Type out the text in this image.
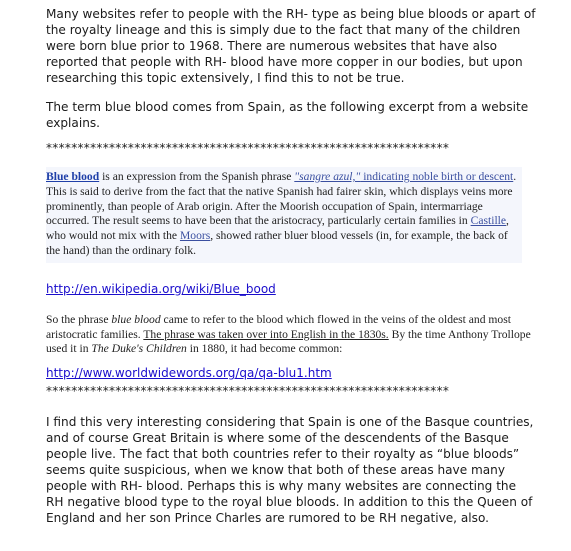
Many websites refer to people with the RH- type as being blue bloods or apart of the royalty lineage and this is simply due to the fact that many of the children were born blue prior to 1968. There are numerous websites that have also reported that people with RH- blood have more copper in our bodies, but upon researching this topic extensively, I find this to not be true.

The term blue blood comes from Spain, as the following excerpt from a website explains.

****************************************************************

Blue blood is an expression from the Spanish phrase "sangre azul," indicating noble birth or descent. This is said to derive from the fact that the native Spanish had fairer skin, which displays veins more prominently, than people of Arab origin. After the Moorish occupation of Spain, intermarriage occurred. The result seems to have been that the aristocracy, particularly certain families in Castille, who would not mix with the Moors, showed rather bluer blood vessels (in, for example, the back of the hand) than the ordinary folk.

http://en.wikipedia.org/wiki/Blue_bood

So the phrase blue blood came to refer to the blood which flowed in the veins of the oldest and most aristocratic families. The phrase was taken over into English in the 1830s. By the time Anthony Trollope used it in The Duke's Children in 1880, it had become common:

http://www.worldwidewords.org/qa/qa-blu1.htm
****************************************************************

I find this very interesting considering that Spain is one of the Basque countries, and of course Great Britain is where some of the descendents of the Basque people live. The fact that both countries refer to their royalty as “blue bloods” seems quite suspicious, when we know that both of these areas have many people with RH- blood. Perhaps this is why many websites are connecting the RH negative blood type to the royal blue bloods. In addition to this the Queen of England and her son Prince Charles are rumored to be RH negative, also.
